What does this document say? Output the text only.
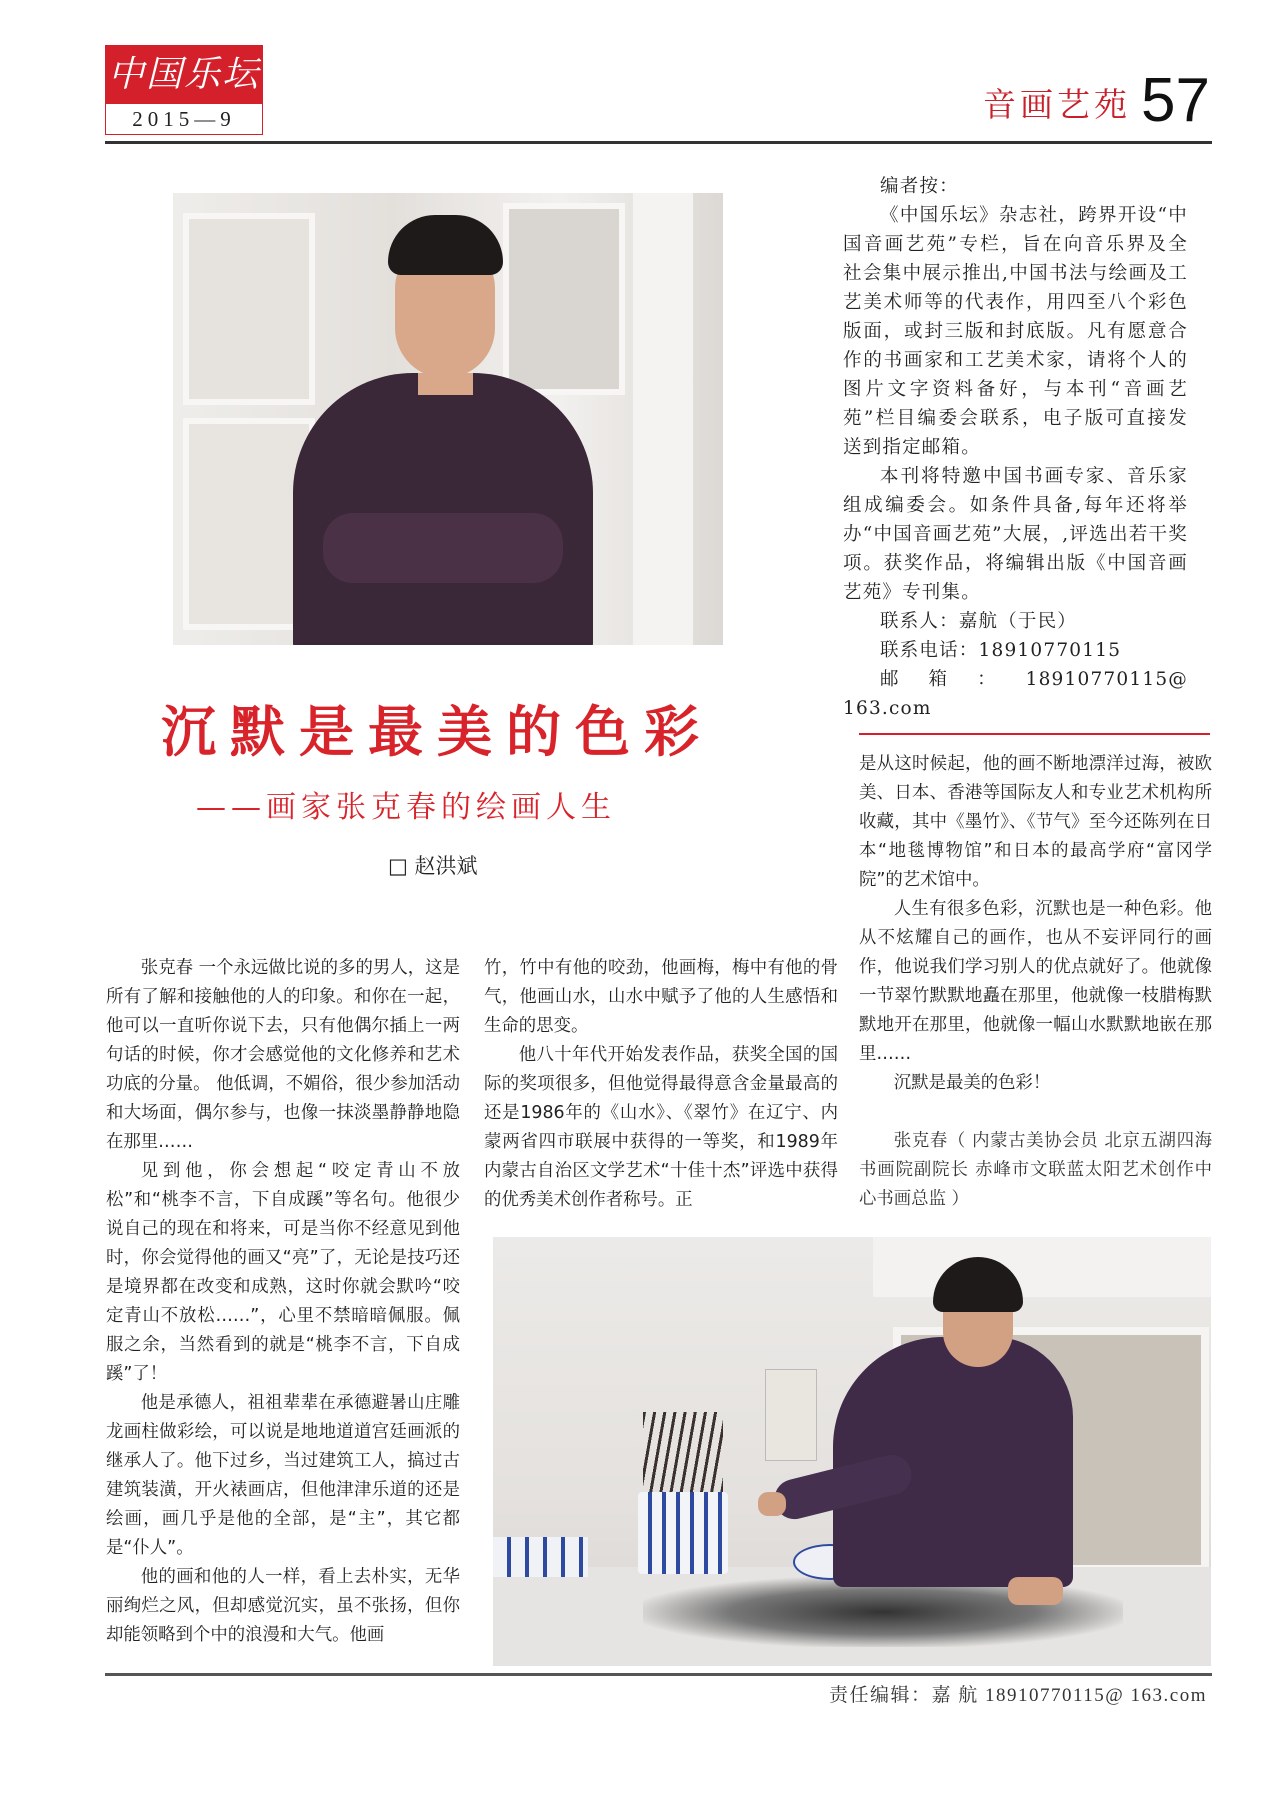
中国乐坛
2015—9	音画艺苑 57

编者按：

《中国乐坛》杂志社，跨界开设“中国音画艺苑”专栏，旨在向音乐界及全社会集中展示推出,中国书法与绘画及工艺美术师等的代表作，用四至八个彩色版面，或封三版和封底版。凡有愿意合作的书画家和工艺美术家，请将个人的图片文字资料备好，与本刊“音画艺苑”栏目编委会联系，电子版可直接发送到指定邮箱。

本刊将特邀中国书画专家、音乐家组成编委会。如条件具备,每年还将举办“中国音画艺苑”大展，,评选出若干奖项。获奖作品，将编辑出版《中国音画艺苑》专刊集。

联系人：嘉航（于民）

联系电话：18910770115

邮箱：18910770115@ 163.com

沉默是最美的色彩
——画家张克春的绘画人生
□ 赵洪斌

张克春 一个永远做比说的多的男人，这是所有了解和接触他的人的印象。和你在一起，他可以一直听你说下去，只有他偶尔插上一两句话的时候，你才会感觉他的文化修养和艺术功底的分量。 他低调，不媚俗，很少参加活动和大场面，偶尔参与，也像一抹淡墨静静地隐在那里……

见到他，你会想起“咬定青山不放松”和“桃李不言，下自成蹊”等名句。他很少说自己的现在和将来，可是当你不经意见到他时，你会觉得他的画又“亮”了，无论是技巧还是境界都在改变和成熟，这时你就会默吟“咬定青山不放松……”，心里不禁暗暗佩服。佩服之余，当然看到的就是“桃李不言，下自成蹊”了！

他是承德人，祖祖辈辈在承德避暑山庄雕龙画柱做彩绘，可以说是地地道道宫廷画派的继承人了。他下过乡，当过建筑工人，搞过古建筑装潢，开火裱画店，但他津津乐道的还是绘画，画几乎是他的全部，是“主”，其它都是“仆人”。

他的画和他的人一样，看上去朴实，无华丽绚烂之风，但却感觉沉实，虽不张扬，但你却能领略到个中的浪漫和大气。他画

竹，竹中有他的咬劲，他画梅，梅中有他的骨气，他画山水，山水中赋予了他的人生感悟和生命的思变。

他八十年代开始发表作品，获奖全国的国际的奖项很多，但他觉得最得意含金量最高的还是1986年的《山水》、《翠竹》在辽宁、内蒙两省四市联展中获得的一等奖，和1989年内蒙古自治区文学艺术“十佳十杰”评选中获得的优秀美术创作者称号。正

是从这时候起，他的画不断地漂洋过海，被欧美、日本、香港等国际友人和专业艺术机构所收藏，其中《墨竹》、《节气》至今还陈列在日本“地毯博物馆”和日本的最高学府“富冈学院”的艺术馆中。

人生有很多色彩，沉默也是一种色彩。他从不炫耀自己的画作，也从不妄评同行的画作，他说我们学习别人的优点就好了。他就像一节翠竹默默地矗在那里，他就像一枝腊梅默默地开在那里，他就像一幅山水默默地嵌在那里……

沉默是最美的色彩！

张克春（ 内蒙古美协会员 北京五湖四海书画院副院长 赤峰市文联蓝太阳艺术创作中心书画总监 ）

责任编辑：嘉 航 18910770115@ 163.com
